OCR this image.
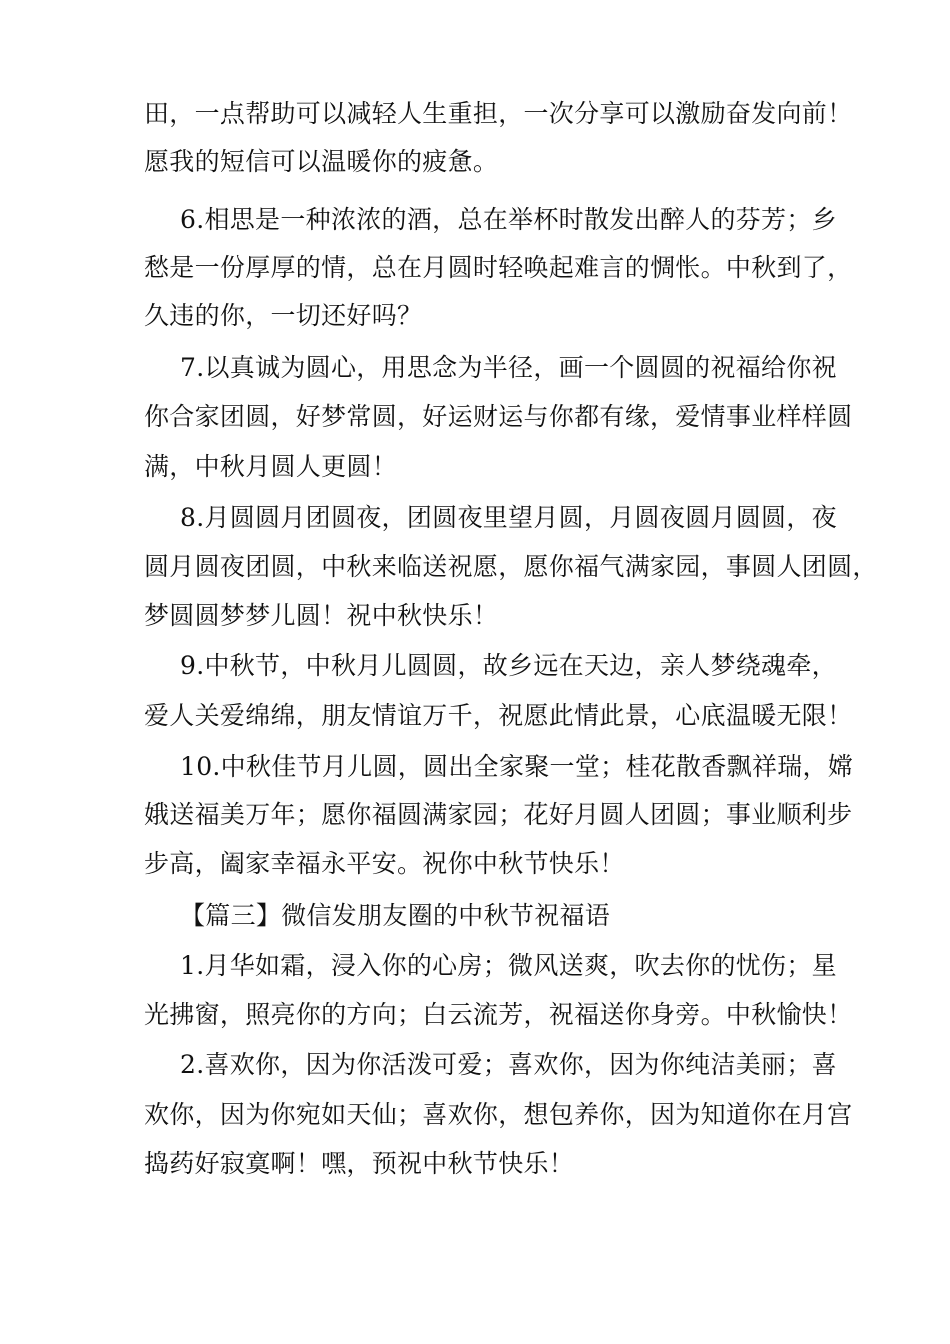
田，一点帮助可以减轻人生重担，一次分享可以激励奋发向前！
愿我的短信可以温暖你的疲惫。
6.相思是一种浓浓的酒，总在举杯时散发出醉人的芬芳；乡
愁是一份厚厚的情，总在月圆时轻唤起难言的惆怅。中秋到了，
久违的你，一切还好吗？
7.以真诚为圆心，用思念为半径，画一个圆圆的祝福给你祝
你合家团圆，好梦常圆，好运财运与你都有缘，爱情事业样样圆
满，中秋月圆人更圆！
8.月圆圆月团圆夜，团圆夜里望月圆，月圆夜圆月圆圆，夜
圆月圆夜团圆，中秋来临送祝愿，愿你福气满家园，事圆人团圆，
梦圆圆梦梦儿圆！祝中秋快乐！
9.中秋节，中秋月儿圆圆，故乡远在天边，亲人梦绕魂牵，
爱人关爱绵绵，朋友情谊万千，祝愿此情此景，心底温暖无限！
10.中秋佳节月儿圆，圆出全家聚一堂；桂花散香飘祥瑞，嫦
娥送福美万年；愿你福圆满家园；花好月圆人团圆；事业顺利步
步高，阖家幸福永平安。祝你中秋节快乐！
【篇三】微信发朋友圈的中秋节祝福语
1.月华如霜，浸入你的心房；微风送爽，吹去你的忧伤；星
光拂窗，照亮你的方向；白云流芳，祝福送你身旁。中秋愉快！
2.喜欢你，因为你活泼可爱；喜欢你，因为你纯洁美丽；喜
欢你，因为你宛如天仙；喜欢你，想包养你，因为知道你在月宫
捣药好寂寞啊！嘿，预祝中秋节快乐！
